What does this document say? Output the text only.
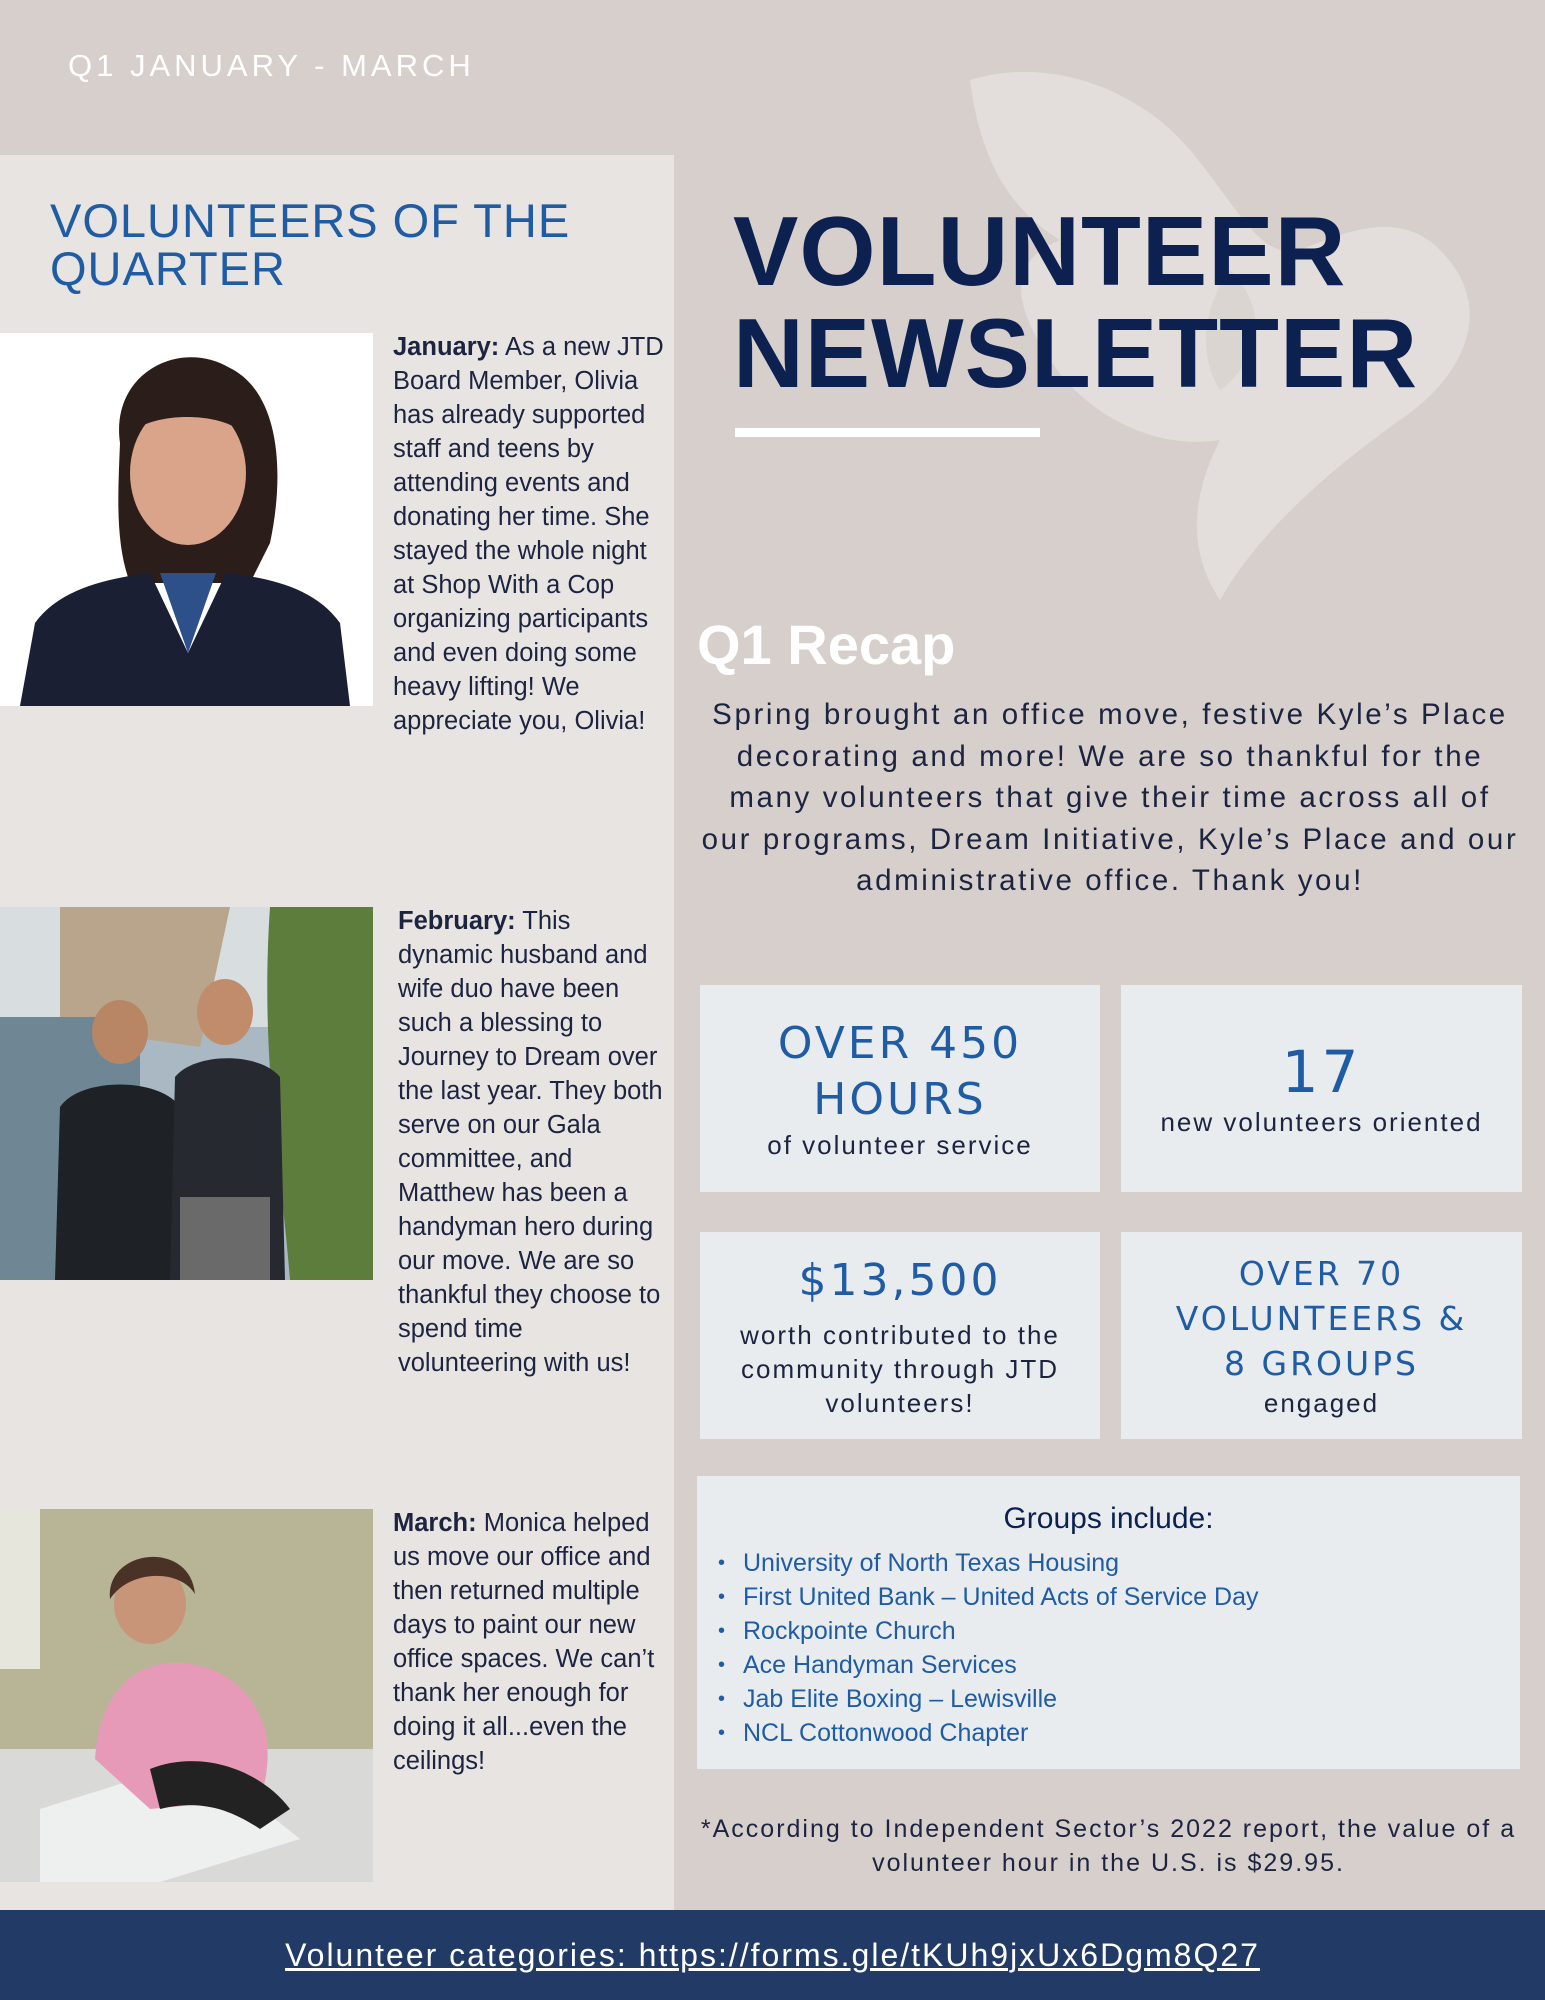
Q1 JANUARY - MARCH
VOLUNTEERS OF THE QUARTER
January: As a new JTD Board Member, Olivia has already supported staff and teens by attending events and donating her time. She stayed the whole night at Shop With a Cop organizing participants and even doing some heavy lifting! We appreciate you, Olivia!
February: This dynamic husband and wife duo have been such a blessing to Journey to Dream over the last year. They both serve on our Gala committee, and Matthew has been a handyman hero during our move. We are so thankful they choose to spend time volunteering with us!
March: Monica helped us move our office and then returned multiple days to paint our new office spaces. We can’t thank her enough for doing it all...even the ceilings!
VOLUNTEER
NEWSLETTER
Q1 Recap
Spring brought an office move, festive Kyle’s Place decorating and more! We are so thankful for the many volunteers that give their time across all of our programs, Dream Initiative, Kyle’s Place and our administrative office. Thank you!
OVER 450 HOURS
of volunteer service
17
new volunteers oriented
$13,500
worth contributed to the community through JTD volunteers!
OVER 70 VOLUNTEERS & 8 GROUPS
engaged
Groups include:
• University of North Texas Housing
• First United Bank – United Acts of Service Day
• Rockpointe Church
• Ace Handyman Services
• Jab Elite Boxing – Lewisville
• NCL Cottonwood Chapter
*According to Independent Sector’s 2022 report, the value of a volunteer hour in the U.S. is $29.95.
Volunteer categories: https://forms.gle/tKUh9jxUx6Dgm8Q27
